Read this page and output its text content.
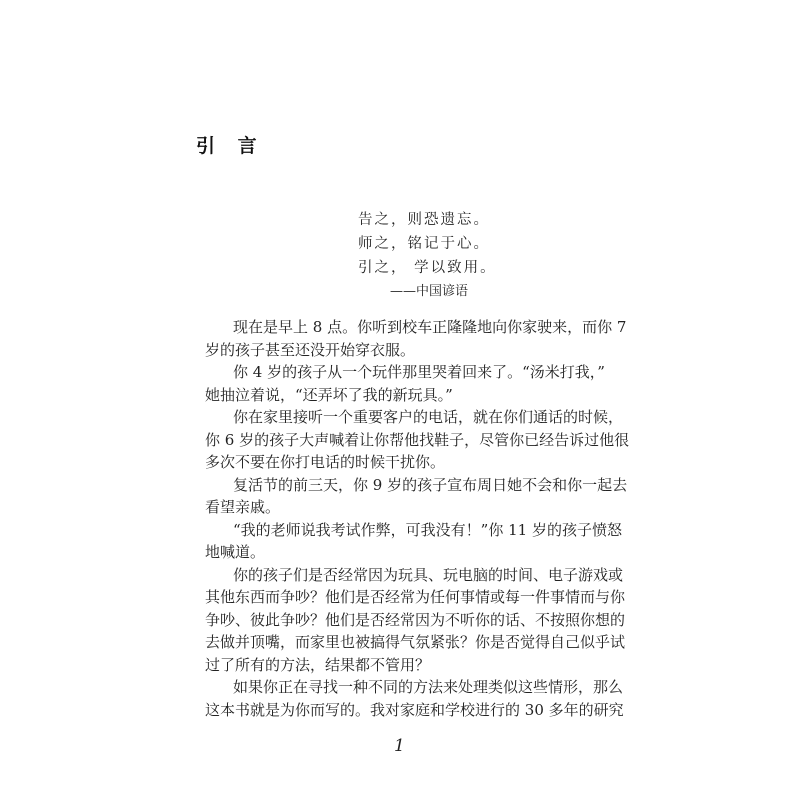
引 言
告之，则恐遗忘。
师之，铭记于心。
引之， 学以致用。
——中国谚语
现在是早上 8 点。你听到校车正隆隆地向你家驶来，而你 7
岁的孩子甚至还没开始穿衣服。
你 4 岁的孩子从一个玩伴那里哭着回来了。“汤米打我，”
她抽泣着说，“还弄坏了我的新玩具。”
你在家里接听一个重要客户的电话，就在你们通话的时候，
你 6 岁的孩子大声喊着让你帮他找鞋子，尽管你已经告诉过他很
多次不要在你打电话的时候干扰你。
复活节的前三天，你 9 岁的孩子宣布周日她不会和你一起去
看望亲戚。
“我的老师说我考试作弊，可我没有！”你 11 岁的孩子愤怒
地喊道。
你的孩子们是否经常因为玩具、玩电脑的时间、电子游戏或
其他东西而争吵？他们是否经常为任何事情或每一件事情而与你
争吵、彼此争吵？他们是否经常因为不听你的话、不按照你想的
去做并顶嘴，而家里也被搞得气氛紧张？你是否觉得自己似乎试
过了所有的方法，结果都不管用？
如果你正在寻找一种不同的方法来处理类似这些情形，那么
这本书就是为你而写的。我对家庭和学校进行的 30 多年的研究
1
